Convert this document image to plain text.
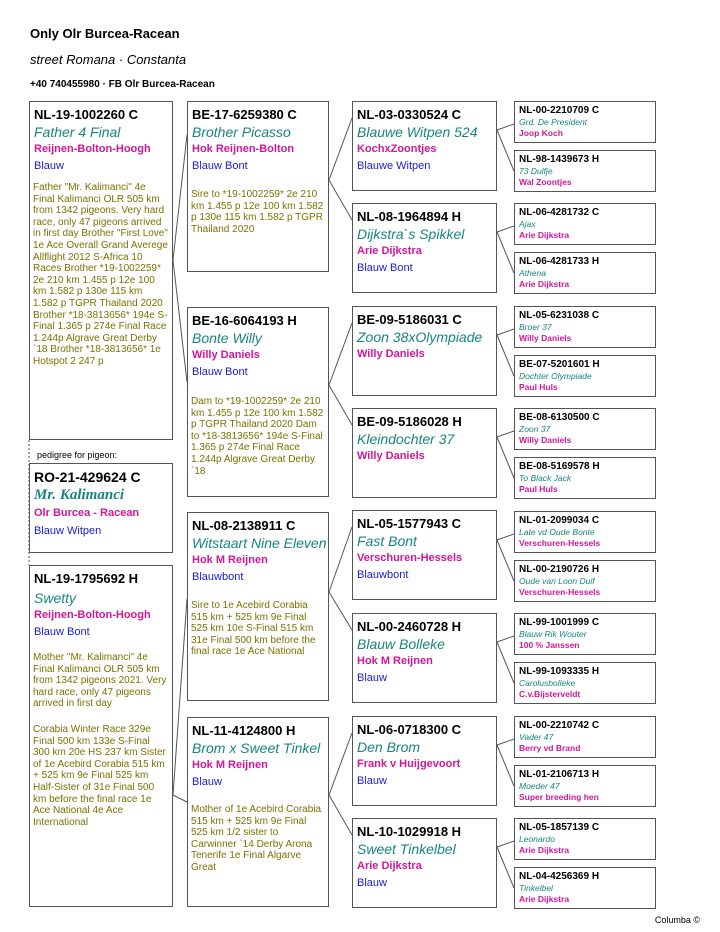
Only Olr Burcea-Racean
street Romana · Constanta
+40 740455980 · FB Olr Burcea-Racean
NL-19-1002260 C
Father 4 Final
Reijnen-Bolton-Hoogh
Blauw
Father "Mr. Kalimanci" 4e Final Kalimanci OLR 505 km from 1342 pigeons. Very hard race, only 47 pigeons arrived in first day Brother "First Love" 1e Ace Overall Grand Averege Allflight 2012 S-Africa 10 Races Brother *19-1002259* 2e 210 km 1.455 p 12e 100 km 1.582 p 130e 115 km 1.582 p TGPR Thailand 2020 Brother *18-3813656* 194e S-Final 1.365 p 274e Final Race 1.244p Algrave Great Derby `18 Brother *18-3813656* 1e Hotspot 2 247 p
pedigree for pigeon:
RO-21-429624 C
Mr. Kalimanci
Olr Burcea - Racean
Blauw Witpen
NL-19-1795692 H
Swetty
Reijnen-Bolton-Hoogh
Blauw Bont
Mother "Mr. Kalimanci" 4e Final Kalimanci OLR 505 km from 1342 pigeons 2021. Very hard race, only 47 pigeons arrived in first day
Corabia Winter Race 329e Final 500 km 133e S-Final 300 km 20e HS 237 km Sister of 1e Acebird Corabia 515 km + 525 km 9e Final 525 km Half-Sister of 31e Final 500 km before the final race 1e Ace National 4e Ace International
BE-17-6259380 C
Brother Picasso
Hok Reijnen-Bolton
Blauw Bont
Sire to *19-1002259* 2e 210 km 1.455 p 12e 100 km 1.582 p 130e 115 km 1.582 p TGPR Thailand 2020
BE-16-6064193 H
Bonte Willy
Willy Daniels
Blauw Bont
Dam to *19-1002259* 2e 210 km 1.455 p 12e 100 km 1.582 p TGPR Thailand 2020 Dam to *18-3813656* 194e S-Final 1.365 p 274e Final Race 1.244p Algrave Great Derby `18
NL-08-2138911 C
Witstaart Nine Eleven
Hok M Reijnen
Blauwbont
Sire to 1e Acebird Corabia 515 km + 525 km 9e Final 525 km 10e S-Final 515 km 31e Final 500 km before the final race 1e Ace National
NL-11-4124800 H
Brom x Sweet Tinkel
Hok M Reijnen
Blauw
Mother of 1e Acebird Corabia 515 km + 525 km 9e Final 525 km 1/2 sister to Carwinner `14 Derby Arona Tenerife 1e Final Algarve Great
NL-03-0330524 C
Blauwe Witpen 524
KochxZoontjes
Blauwe Witpen
NL-08-1964894 H
Dijkstra`s Spikkel
Arie Dijkstra
Blauw Bont
BE-09-5186031 C
Zoon 38xOlympiade
Willy Daniels
BE-09-5186028 H
Kleindochter 37
Willy Daniels
NL-05-1577943 C
Fast Bont
Verschuren-Hessels
Blauwbont
NL-00-2460728 H
Blauw Bolleke
Hok M Reijnen
Blauw
NL-06-0718300 C
Den Brom
Frank v Huijgevoort
Blauw
NL-10-1029918 H
Sweet Tinkelbel
Arie Dijkstra
Blauw
NL-00-2210709 C
Grd. De President
Joop Koch
NL-98-1439673 H
73 Dulfje
Wal Zoontjes
NL-06-4281732 C
Ajax
Arie Dijkstra
NL-06-4281733 H
Athena
Arie Dijkstra
NL-05-6231038 C
Broer 37
Willy Daniels
BE-07-5201601 H
Dochter Olympiade
Paul Huls
BE-08-6130500 C
Zoon 37
Willy Daniels
BE-08-5169578 H
To Black Jack
Paul Huls
NL-01-2099034 C
Late vd Oude Bonte
Verschuren-Hessels
NL-00-2190726 H
Oude van Loon Duif
Verschuren-Hessels
NL-99-1001999 C
Blauw Rik Wouter
100 % Janssen
NL-99-1093335 H
Carolusbolleke
C.v.Bijsterveldt
NL-00-2210742 C
Vader 47
Berry vd Brand
NL-01-2106713 H
Moeder 47
Super breeding hen
NL-05-1857139 C
Leonardo
Arie Dijkstra
NL-04-4256369 H
Tinkelbel
Arie Dijkstra
Columba ©
